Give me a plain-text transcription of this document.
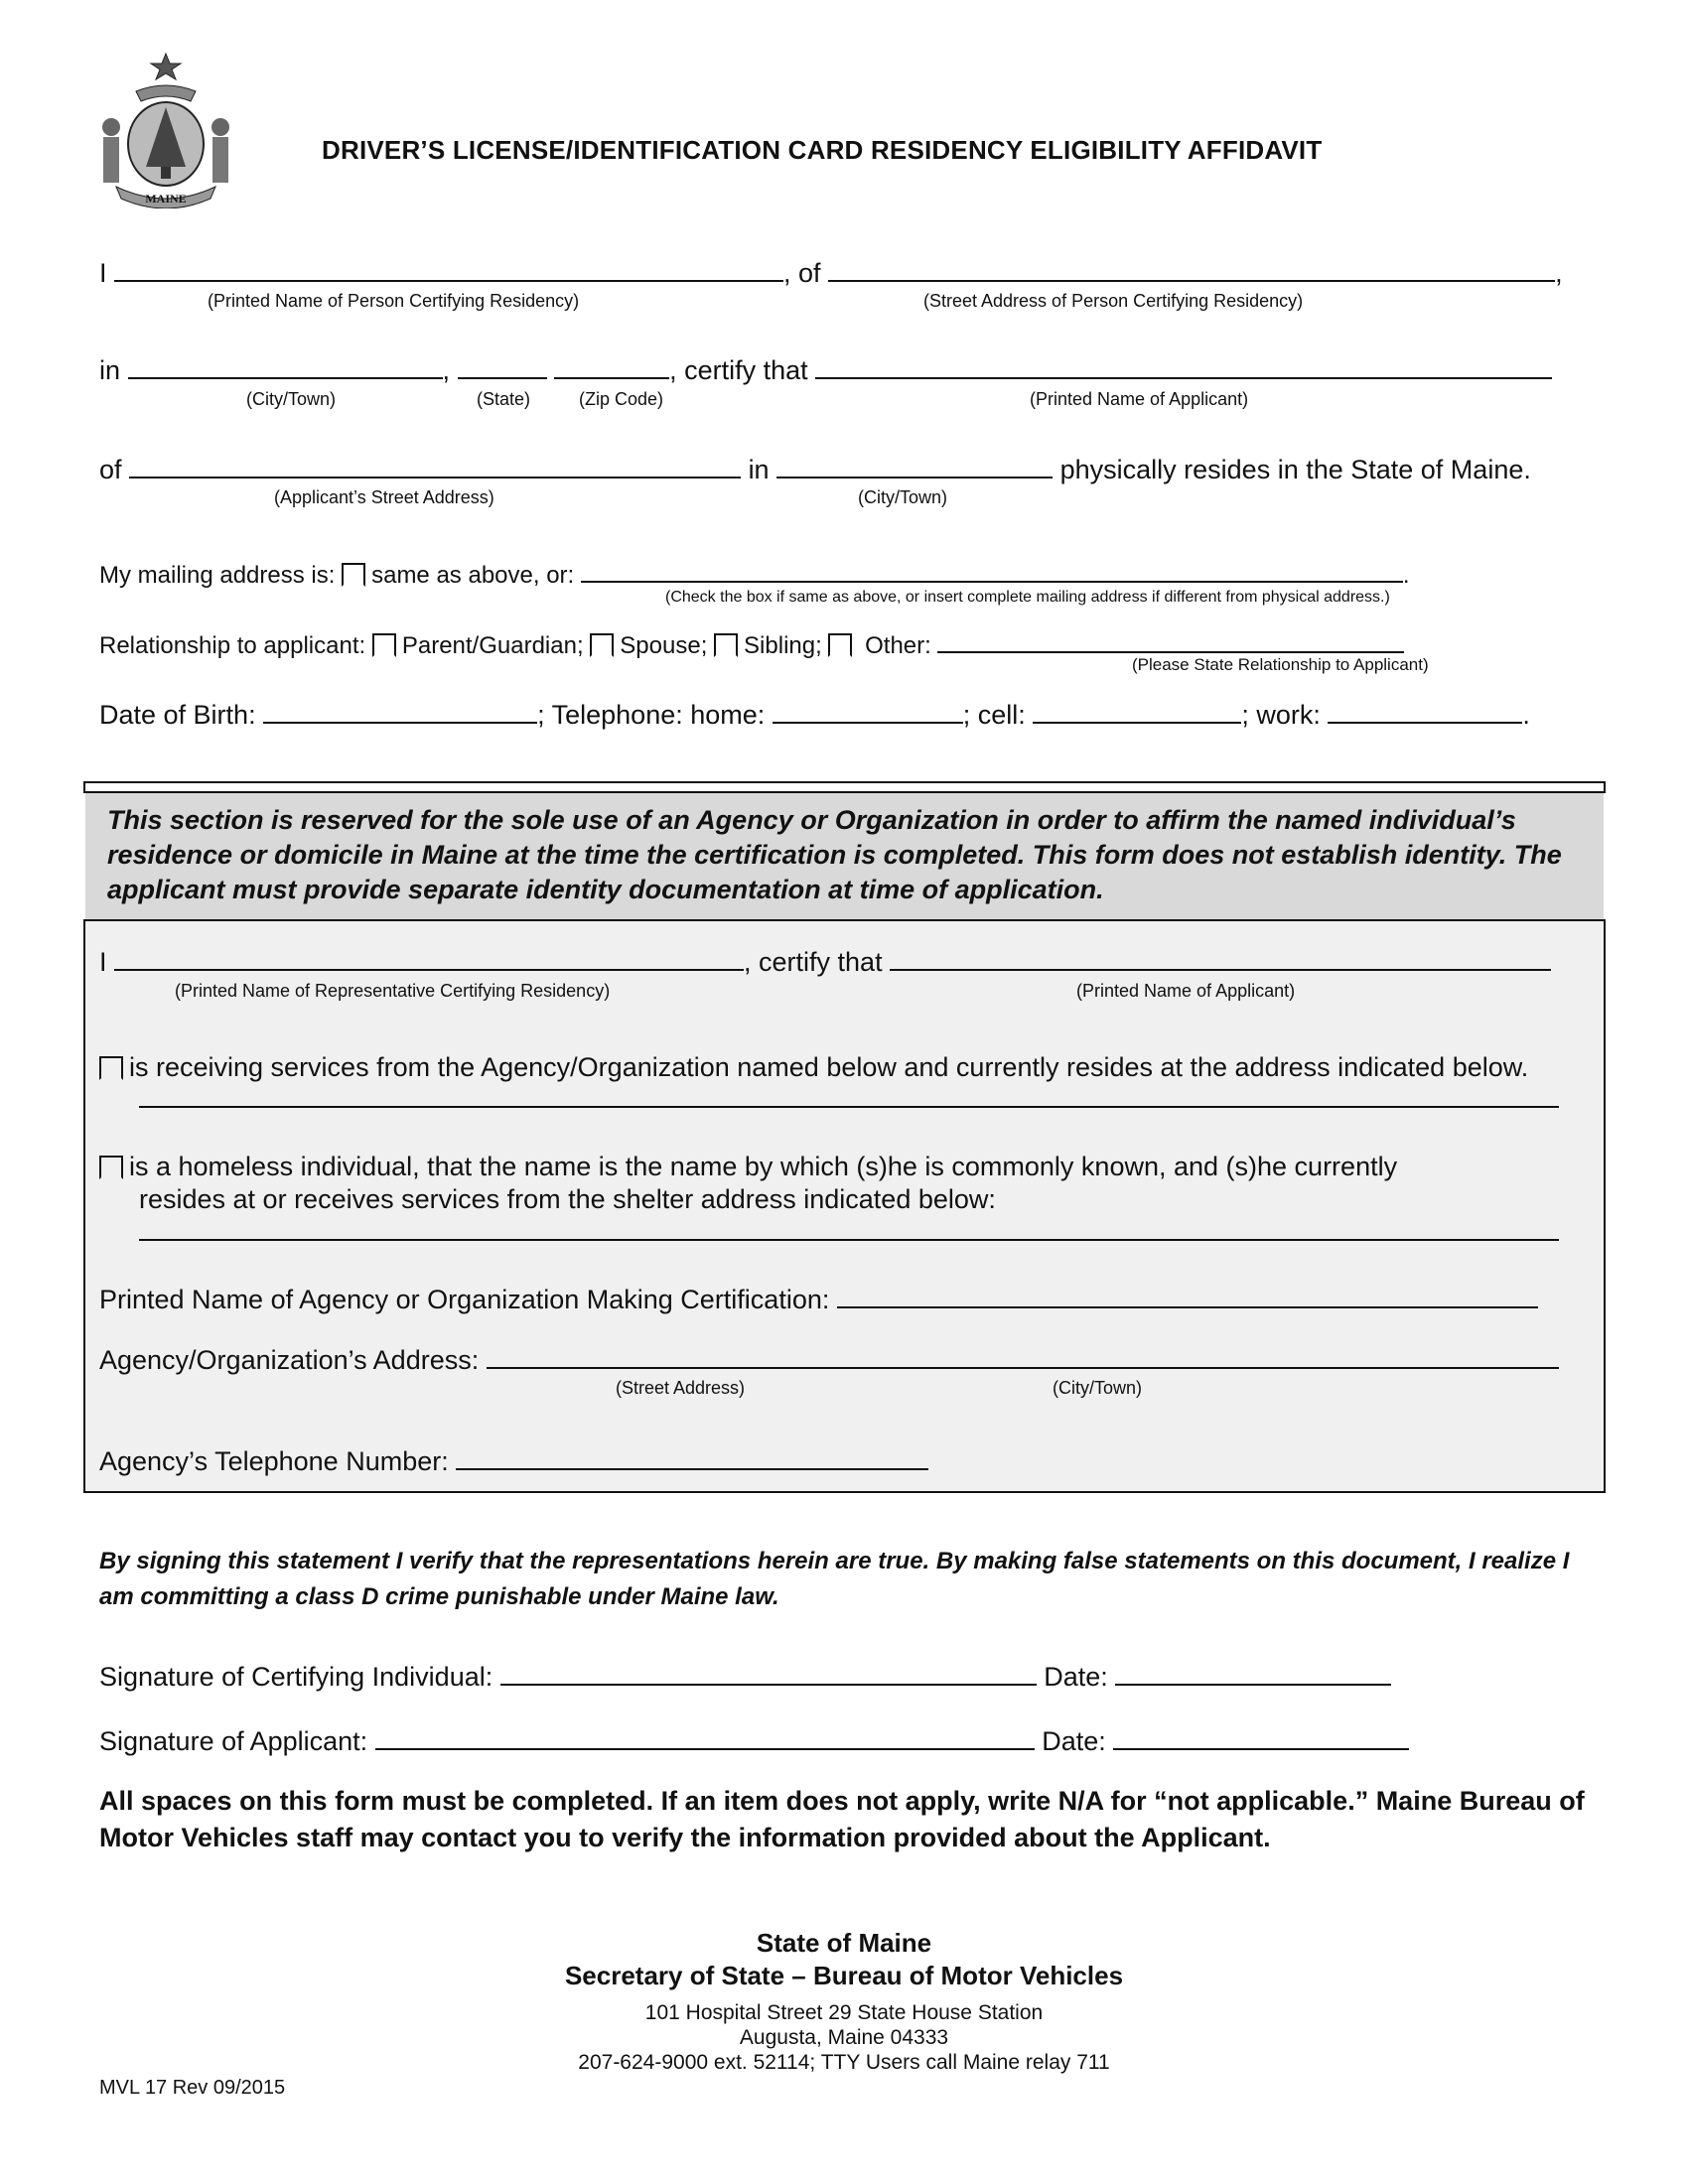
MAINE
DRIVER’S LICENSE/IDENTIFICATION CARD RESIDENCY ELIGIBILITY AFFIDAVIT
I	, of	,
(Printed Name of Person Certifying Residency)	(Street Address of Person Certifying Residency)
in	,	, certify that
(City/Town)	(State)	(Zip Code)	(Printed Name of Applicant)
of	in	physically resides in the State of Maine.
(Applicant’s Street Address)	(City/Town)
My mailing address is: same as above, or:	.
(Check the box if same as above, or insert complete mailing address if different from physical address.)
Relationship to applicant: Parent/Guardian; Spouse; Sibling; Other:
(Please State Relationship to Applicant)
Date of Birth:	; Telephone: home:	; cell:	; work:	.
This section is reserved for the sole use of an Agency or Organization in order to affirm the named individual’s residence or domicile in Maine at the time the certification is completed. This form does not establish identity. The applicant must provide separate identity documentation at time of application.
I	, certify that
(Printed Name of Representative Certifying Residency)	(Printed Name of Applicant)
is receiving services from the Agency/Organization named below and currently resides at the address indicated below.
is a homeless individual, that the name is the name by which (s)he is commonly known, and (s)he currently
resides at or receives services from the shelter address indicated below:
Printed Name of Agency or Organization Making Certification:
Agency/Organization’s Address:
(Street Address)	(City/Town)
Agency’s Telephone Number:
By signing this statement I verify that the representations herein are true. By making false statements on this document, I realize I am committing a class D crime punishable under Maine law.
Signature of Certifying Individual:	Date:
Signature of Applicant:	Date:
All spaces on this form must be completed. If an item does not apply, write N/A for “not applicable.” Maine Bureau of Motor Vehicles staff may contact you to verify the information provided about the Applicant.
State of Maine
Secretary of State – Bureau of Motor Vehicles
101 Hospital Street 29 State House Station
Augusta, Maine 04333
207-624-9000 ext. 52114; TTY Users call Maine relay 711
MVL 17 Rev 09/2015
